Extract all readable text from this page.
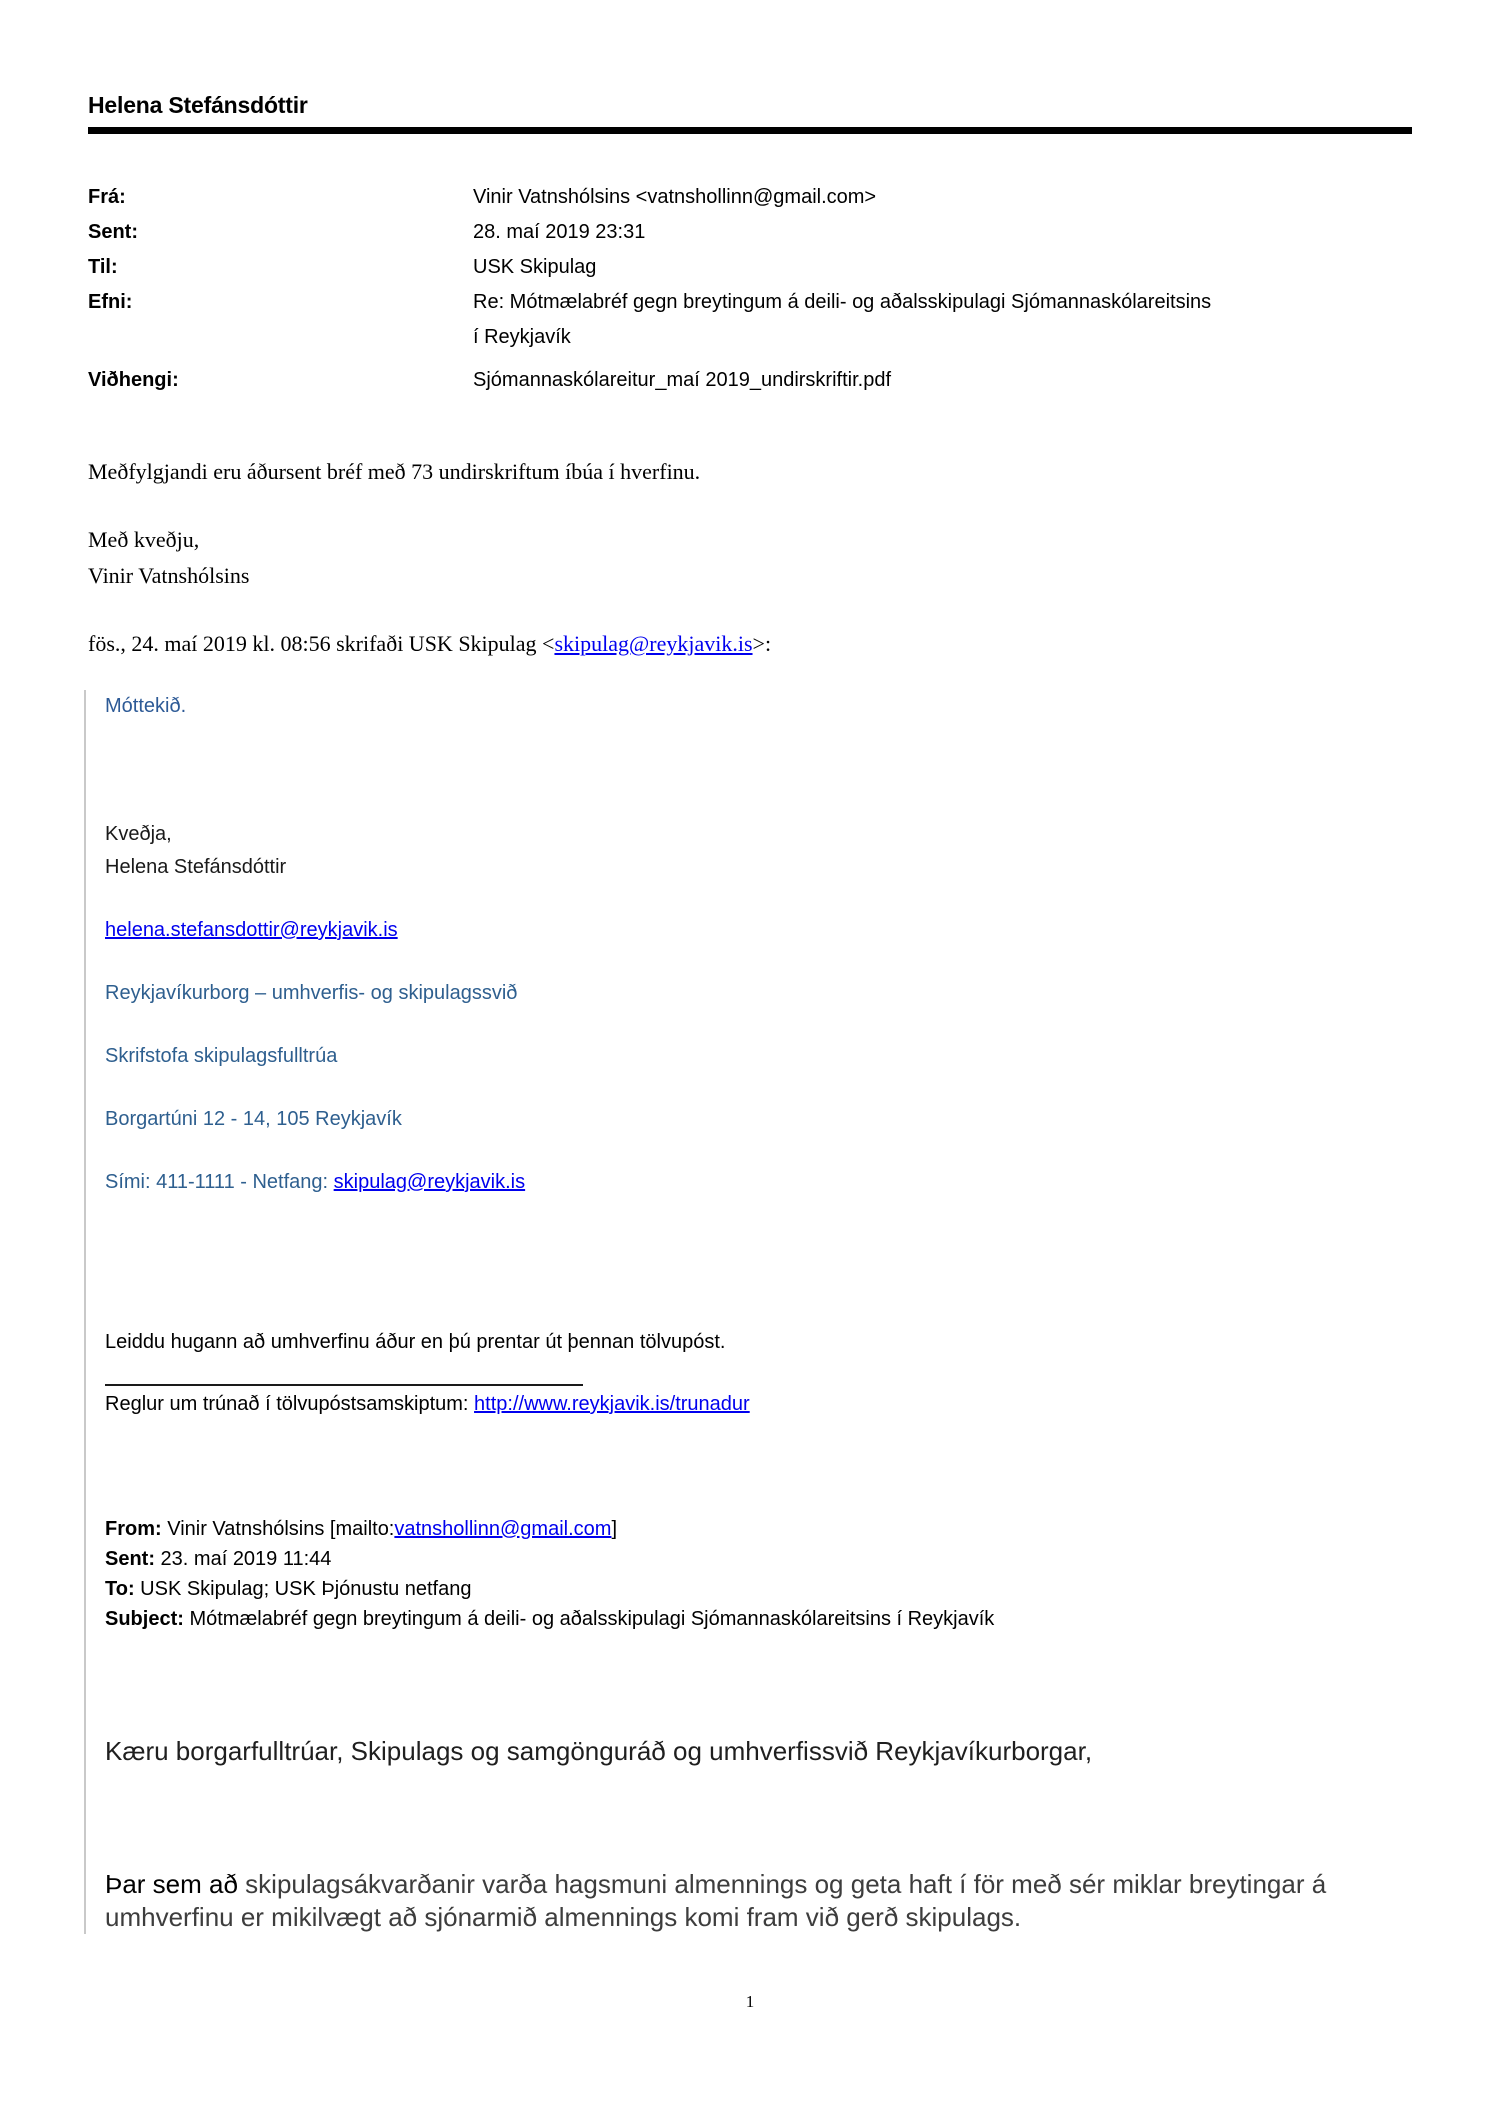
Helena Stefánsdóttir
Frá:	Vinir Vatnshólsins <vatnshollinn@gmail.com>
Sent:	28. maí 2019 23:31
Til:	USK Skipulag
Efni:	Re: Mótmælabréf gegn breytingum á deili- og aðalsskipulagi Sjómannaskólareitsins
í Reykjavík
Viðhengi:	Sjómannaskólareitur_maí 2019_undirskriftir.pdf

Meðfylgjandi eru áðursent bréf með 73 undirskriftum íbúa í hverfinu.

Með kveðju,
Vinir Vatnshólsins

fös., 24. maí 2019 kl. 08:56 skrifaði USK Skipulag <skipulag@reykjavik.is>:

Móttekið.

Kveðja,
Helena Stefánsdóttir

helena.stefansdottir@reykjavik.is

Reykjavíkurborg – umhverfis- og skipulagssvið

Skrifstofa skipulagsfulltrúa

Borgartúni 12 - 14, 105 Reykjavík

Sími: 411-1111 - Netfang: skipulag@reykjavik.is

Leiddu hugann að umhverfinu áður en þú prentar út þennan tölvupóst.

Reglur um trúnað í tölvupóstsamskiptum: http://www.reykjavik.is/trunadur

From: Vinir Vatnshólsins [mailto:vatnshollinn@gmail.com]
Sent: 23. maí 2019 11:44
To: USK Skipulag; USK Þjónustu netfang
Subject: Mótmælabréf gegn breytingum á deili- og aðalsskipulagi Sjómannaskólareitsins í Reykjavík

Kæru borgarfulltrúar, Skipulags og samgönguráð og umhverfissvið Reykjavíkurborgar,

Þar sem að skipulagsákvarðanir varða hagsmuni almennings og geta haft í för með sér miklar breytingar á umhverfinu er mikilvægt að sjónarmið almennings komi fram við gerð skipulags.

1
